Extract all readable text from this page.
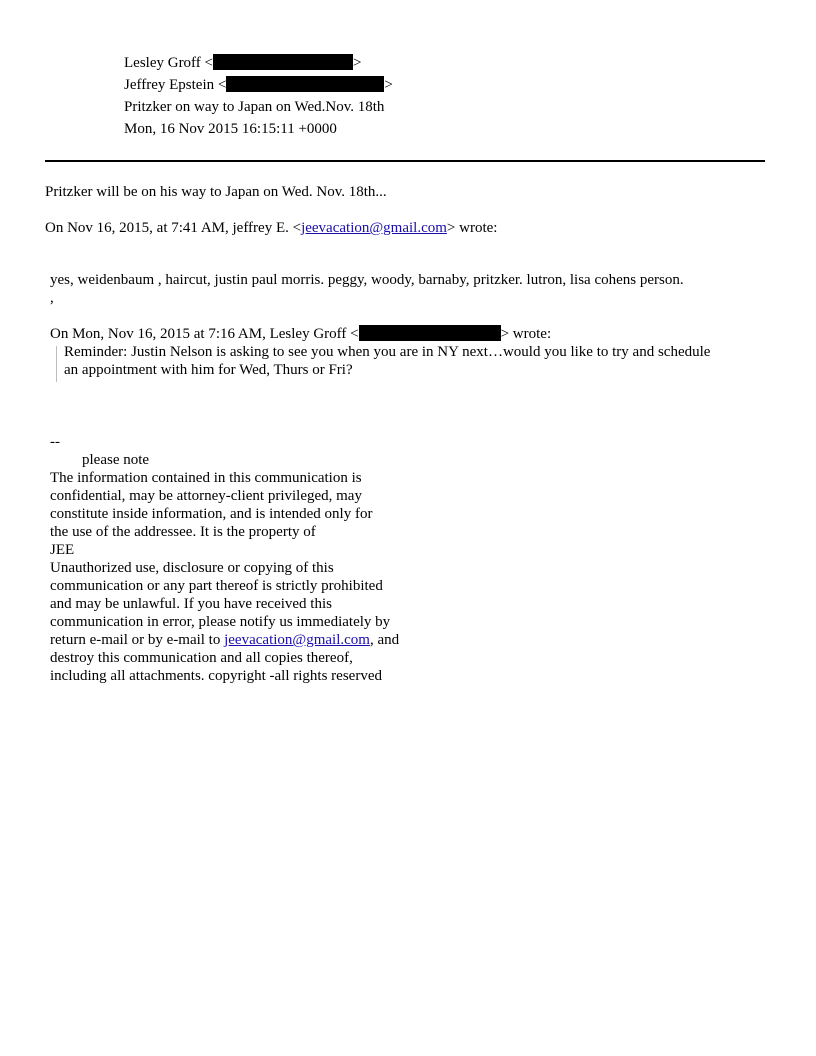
Lesley Groff <	>
Jeffrey Epstein <	>
Pritzker on way to Japan on Wed.Nov. 18th
Mon, 16 Nov 2015 16:15:11 +0000
Pritzker will be on his way to Japan on Wed. Nov. 18th...
On Nov 16, 2015, at 7:41 AM, jeffrey E. <jeevacation@gmail.com> wrote:
yes, weidenbaum , haircut, justin paul morris. peggy, woody, barnaby, pritzker. lutron, lisa cohens person.
,
On Mon, Nov 16, 2015 at 7:16 AM, Lesley Groff <	> wrote:
Reminder: Justin Nelson is asking to see you when you are in NY next…would you like to try and schedule
an appointment with him for Wed, Thurs or Fri?
--
please note
The information contained in this communication is
confidential, may be attorney-client privileged, may
constitute inside information, and is intended only for
the use of the addressee. It is the property of
JEE
Unauthorized use, disclosure or copying of this
communication or any part thereof is strictly prohibited
and may be unlawful. If you have received this
communication in error, please notify us immediately by
return e-mail or by e-mail to jeevacation@gmail.com, and
destroy this communication and all copies thereof,
including all attachments. copyright -all rights reserved
